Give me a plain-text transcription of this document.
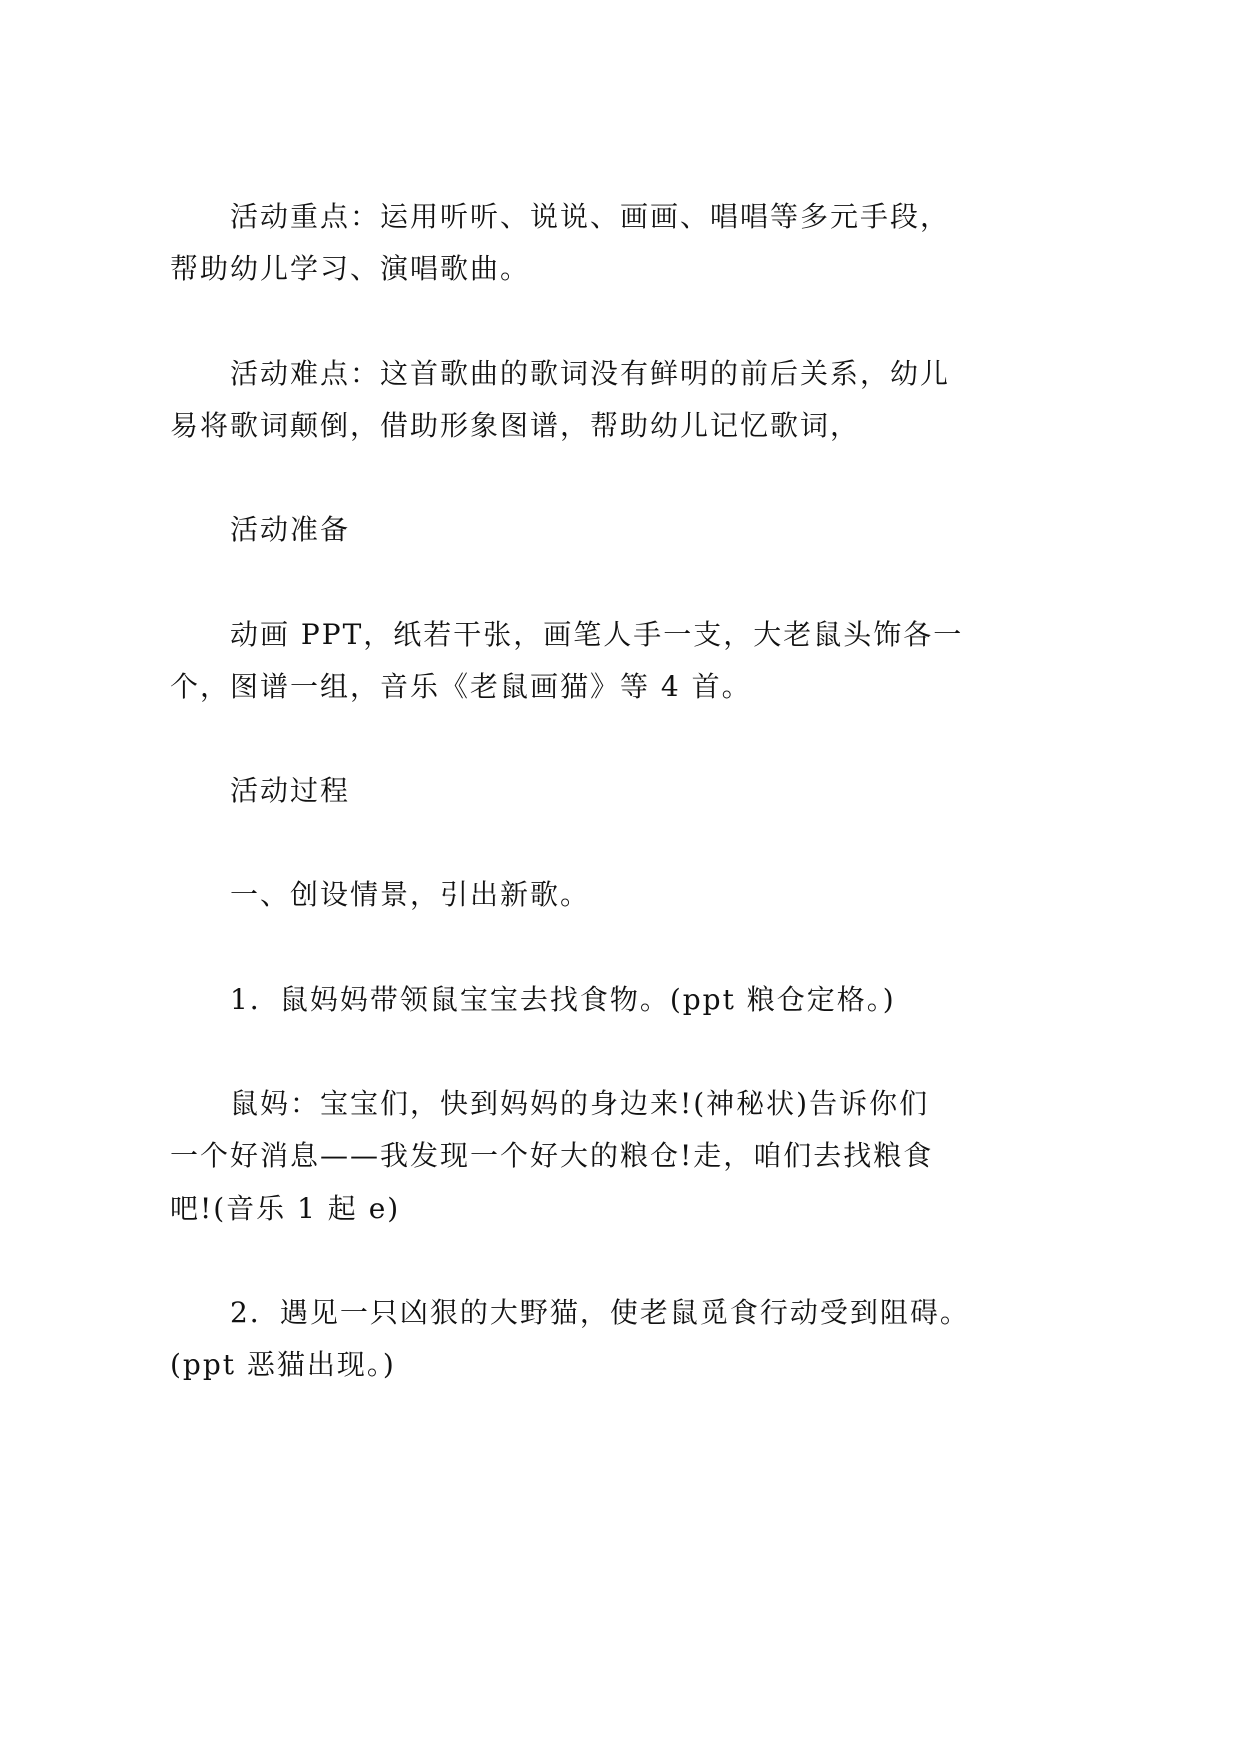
活动重点：运用听听、说说、画画、唱唱等多元手段，
帮助幼儿学习、演唱歌曲。

活动难点：这首歌曲的歌词没有鲜明的前后关系，幼儿
易将歌词颠倒，借助形象图谱，帮助幼儿记忆歌词，

活动准备

动画 PPT，纸若干张，画笔人手一支，大老鼠头饰各一
个，图谱一组，音乐《老鼠画猫》等 4 首。

活动过程

一、创设情景，引出新歌。

1．鼠妈妈带领鼠宝宝去找食物。(ppt 粮仓定格。)

鼠妈：宝宝们，快到妈妈的身边来!(神秘状)告诉你们
一个好消息——我发现一个好大的粮仓!走，咱们去找粮食
吧!(音乐 1 起 e)

2．遇见一只凶狠的大野猫，使老鼠觅食行动受到阻碍。
(ppt 恶猫出现。)
